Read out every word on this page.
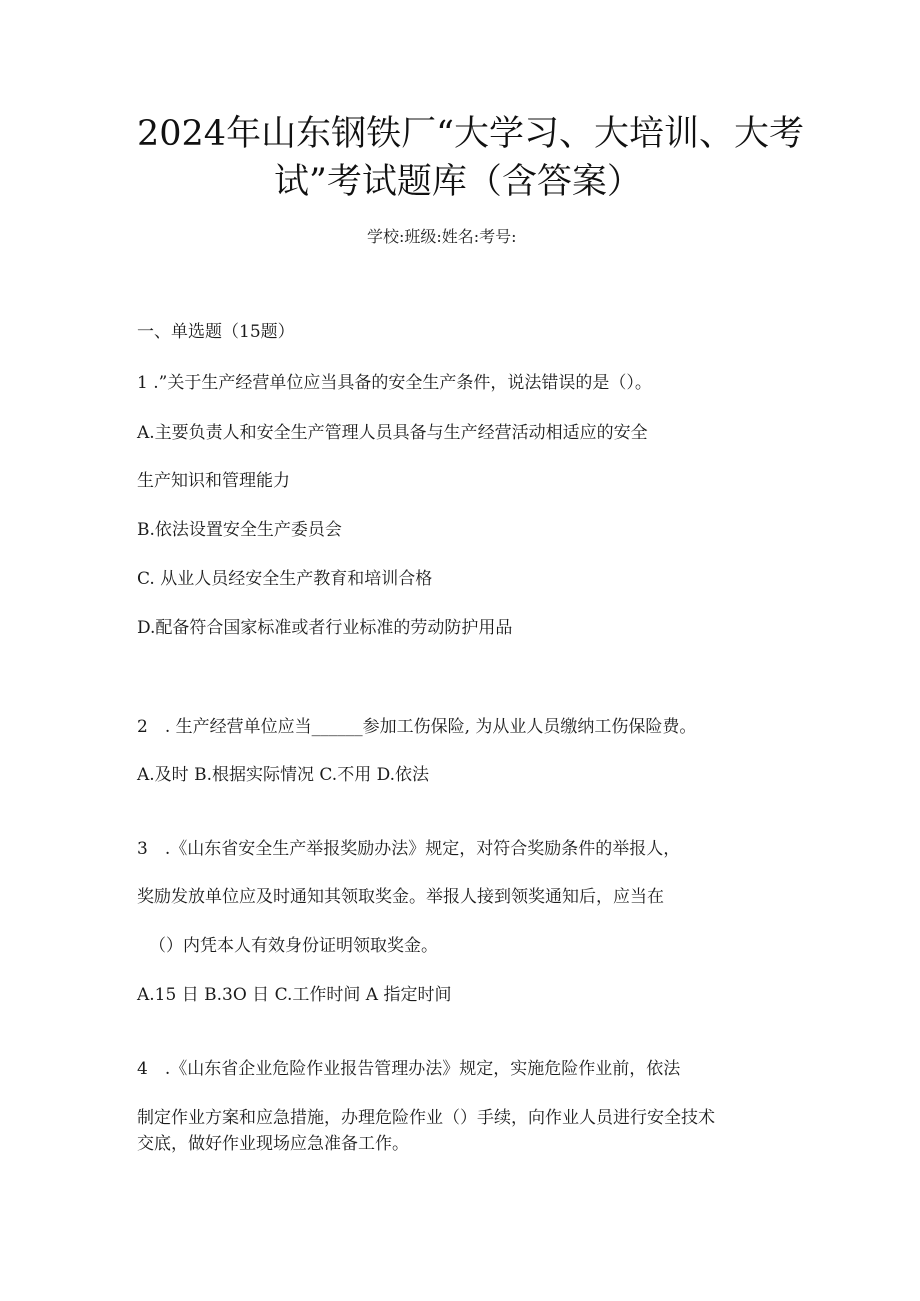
2024年山东钢铁厂“大学习、大培训、大考
试”考试题库（含答案）
学校:班级:姓名:考号:
一、单选题（15题）
1 .”关于生产经营单位应当具备的安全生产条件，说法错误的是（）。
A.主要负责人和安全生产管理人员具备与生产经营活动相适应的安全
生产知识和管理能力
B.依法设置安全生产委员会
C. 从业人员经安全生产教育和培训合格
D.配备符合国家标准或者行业标准的劳动防护用品
2　. 生产经营单位应当______参加工伤保险, 为从业人员缴纳工伤保险费。
A.及时 B.根据实际情况 C.不用 D.依法
3　.《山东省安全生产举报奖励办法》规定，对符合奖励条件的举报人，
奖励发放单位应及时通知其领取奖金。举报人接到领奖通知后，应当在
（）内凭本人有效身份证明领取奖金。
A.15 日 B.3O 日 C.工作时间 A 指定时间
4　.《山东省企业危险作业报告管理办法》规定，实施危险作业前，依法
制定作业方案和应急措施，办理危险作业（）手续，向作业人员进行安全技术
交底，做好作业现场应急准备工作。
